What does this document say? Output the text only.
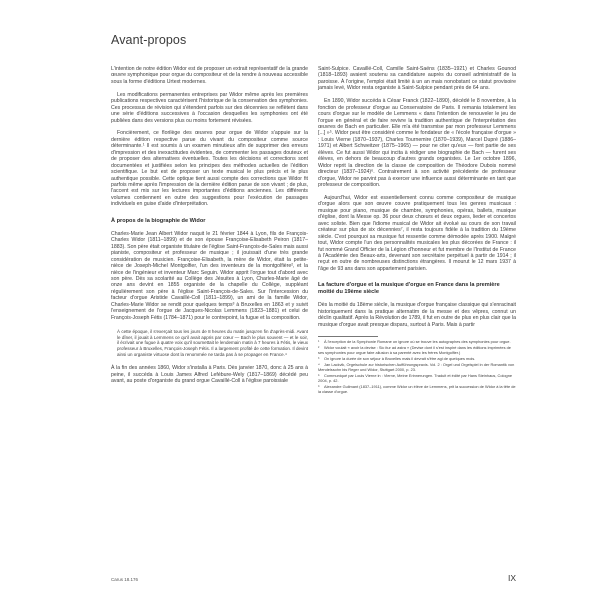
Avant-propos

L'intention de notre édition Widor est de proposer un extrait représentatif de la grande œuvre symphonique pour orgue du compositeur et de la rendre à nouveau accessible sous la forme d'éditions Urtext modernes.

Les modifications permanentes entreprises par Widor même après les premières publications respectives caractérisent l'historique de la conservation des symphonies. Ces processus de révision qui s'étendent parfois sur des décennies se reflètent dans une série d'éditions successives à l'occasion desquelles les symphonies ont été publiées dans des versions plus ou moins fortement révisées.

Foncièrement, ce florilège des œuvres pour orgue de Widor s'appuie sur la dernière édition respective parue du vivant du compositeur comme source déterminante.¹ Il est soumis à un examen minutieux afin de supprimer des erreurs d'impression et des inexactitudes évidentes, de commenter les passages douteux et de proposer des alternatives éventuelles. Toutes les décisions et corrections sont documentées et justifiées selon les principes des méthodes actuelles de l'édition scientifique. Le but est de proposer un texte musical le plus précis et le plus authentique possible. Cette optique tient aussi compte des corrections que Widor fit parfois même après l'impression de la dernière édition parue de son vivant ; de plus, l'accent est mis sur les lectures importantes d'éditions anciennes. Les différents volumes contiennent en outre des suggestions pour l'exécution de passages individuels en guise d'aide d'interprétation.

À propos de la biographie de Widor

Charles-Marie Jean Albert Widor naquit le 21 février 1844 à Lyon, fils de François-Charles Widor (1811–1899) et de son épouse Françoise-Elisabeth Peiron (1817–1883). Son père était organiste titulaire de l'église Saint-François-de-Sales mais aussi pianiste, compositeur et professeur de musique ; il jouissait d'une très grande considération de musicien. Françoise-Elisabeth, la mère de Widor, était la petite-nièce de Joseph-Michel Montgolfier, l'un des inventeurs de la montgolfière², et la nièce de l'ingénieur et inventeur Marc Seguin. Widor apprit l'orgue tout d'abord avec son père. Dès sa scolarité au Collège des Jésuites à Lyon, Charles-Marie âgé de onze ans devint en 1855 organiste de la chapelle du Collège, suppléant régulièrement son père à l'église Saint-François-de-Sales. Sur l'intercession du facteur d'orgue Aristide Cavaillé-Coll (1811–1899), un ami de la famille Widor, Charles-Marie Widor se rendit pour quelques temps³ à Bruxelles en 1863 et y suivit l'enseignement de l'orgue de Jacques-Nicolas Lemmens (1823–1881) et celui de François-Joseph Fétis (1784–1871) pour le contrepoint, la fugue et la composition.

À cette époque, il s'exerçait tous les jours de 8 heures du matin jusqu'en fin d'après-midi. Avant le dîner, il jouait à Lemmens ce qu'il avait appris par cœur — Bach le plus souvent — et le soir, il écrivait une fugue à quatre voix qu'il soumettait le lendemain matin à 7 heures à Fétis, le vieux professeur à Bruxelles, François-Joseph Fétis. Il a largement profité de cette formation. Il devint ainsi un organiste virtuose dont la renommée ne tarda pas à se propager en France.⁴

À la fin des années 1860, Widor s'installa à Paris. Dès janvier 1870, donc à 25 ans à peine, il succéda à Louis James Alfred Lefébure-Wely (1817–1869) décédé peu avant, au poste d'organiste du grand orgue Cavaillé-Coll à l'église paroissiale

Saint-Sulpice. Cavaillé-Coll, Camille Saint-Saëns (1835–1921) et Charles Gounod (1818–1893) avaient soutenu sa candidature auprès du conseil administratif de la paroisse. À l'origine, l'emploi était limité à un an mais nonobstant ce statut provisoire jamais levé, Widor resta organiste à Saint-Sulpice pendant près de 64 ans.

En 1890, Widor succéda à César Franck (1822–1890), décédé le 8 novembre, à la fonction de professeur d'orgue au Conservatoire de Paris. Il remania totalement les cours d'orgue sur le modèle de Lemmens « dans l'intention de renouveler le jeu de l'orgue en général et de faire revivre la tradition authentique de l'interprétation des œuvres de Bach en particulier. Elle m'a été transmise par mon professeur Lemmens [...] »⁵. Widor peut être considéré comme le fondateur de « l'école française d'orgue » : Louis Vierne (1870–1937), Charles Tournemire (1870–1939), Marcel Dupré (1886–1971) et Albert Schweitzer (1875–1965) — pour ne citer qu'eux — font partie de ses élèves. Ce fut aussi Widor qui incita à rédiger une biographie de Bach — furent ses élèves, en dehors de beaucoup d'autres grands organistes. Le 1er octobre 1896, Widor reprit la direction de la classe de composition de Théodore Dubois nommé directeur (1837–1924)⁶. Contrairement à son activité précédente de professeur d'orgue, Widor ne parvint pas à exercer une influence aussi déterminante en tant que professeur de composition.

Aujourd'hui, Widor est essentiellement connu comme compositeur de musique d'orgue alors que son œuvre couvre pratiquement tous les genres musicaux : musique pour piano, musique de chambre, symphonies, opéras, ballets, musique d'église, dont la Messe op. 36 pour deux chœurs et deux orgues, lieder et concertos avec soliste. Bien que l'idiome musical de Widor ait évolué au cours de son travail créateur sur plus de six décennies⁷, il resta toujours fidèle à la tradition du 19ème siècle. C'est pourquoi sa musique fut ressentie comme démodée après 1900. Malgré tout, Widor compte l'un des personnalités musicales les plus décorées de France : il fut nommé Grand Officier de la Légion d'honneur et fut membre de l'Institut de France à l'Académie des Beaux-arts, devenant son secrétaire perpétuel à partir de 1914 ; il reçut en outre de nombreuses distinctions étrangères. Il mourut le 12 mars 1937 à l'âge de 93 ans dans son appartement parisien.

La facture d'orgue et la musique d'orgue en France dans la première moitié du 19ème siècle

Dès la moitié du 18ème siècle, la musique d'orgue française classique qui s'enracinait historiquement dans la pratique alternatim de la messe et des vêpres, connut un déclin qualitatif. Après la Révolution de 1789, il fut en outre de plus en plus clair que la musique d'orgue avait presque disparu, surtout à Paris. Mais à partir

¹ À l'exception de la Symphonie Romane on ignore où se trouve les autographes des symphonies pour orgue.
² Widor voulait « avoir la devise : Sic itur ad astra » (Devise dont il s'est inspiré dans les éditions imprimées de ses symphonies pour orgue faire allusion à sa parenté avec les frères Montgolfier.)
³ On ignore la durée de son séjour à Bruxelles mais il devrait s'être agi de quelques mois.
⁴ Jan Lackvik, Orgelschule zur historischen Aufführungspraxis. Vol. 2 : Orgel und Orgelspiel in der Romantik von Mendelssohn bis Reger und Widor, Stuttgart 2000, p. 23.
⁵ Communiqué par Louis Vierne in : Vierne, Meine Erinnerungen. Traduit et édité par Hans Steinhaus, Cologne 2004, p. 42.
⁶ Alexandre Guilmant (1837–1911), comme Widor un élève de Lemmens, prit la succession de Widor à la tête de la classe d'orgue.
Carus 18.176	IX
